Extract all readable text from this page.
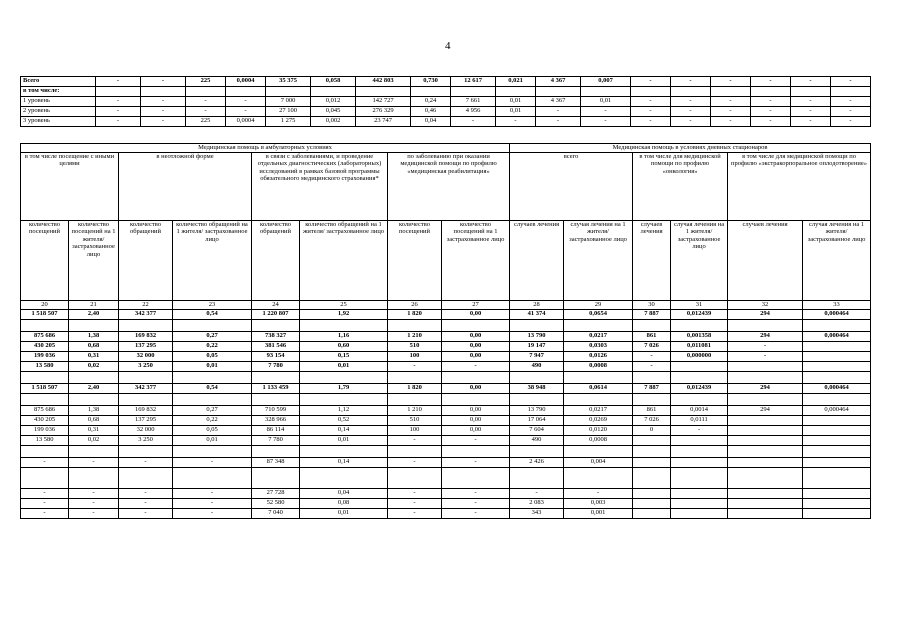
4
Всего	-	-	225	0,0004	35 375	0,058	442 803	0,730	12 617	0,021	4 367	0,007	-	-	-	-	-	-
в том числе:																		
1 уровень	-	-	-	-	7 000	0,012	142 727	0,24	7 661	0,01	4 367	0,01	-	-	-	-	-	-
2 уровень	-	-	-	-	27 100	0,045	276 329	0,46	4 956	0,01	-	-	-	-	-	-	-	-
3 уровень	-	-	225	0,0004	1 275	0,002	23 747	0,04	-	-	-	-	-	-	-	-	-	-
Медицинская помощь в амбулаторных условиях								Медицинская помощь в условиях дневных стационаров					
в том числе посещение с иными целями		в неотложной форме		в связи с заболеваниями, и проведение отдельных диагностических (лабораторных) исследований в рамках базовой программы обязательного медицинского страхования*		по заболеванию при оказании медицинской помощи по профилю «медицинская реабилитация»		всего		в том числе для медицинской помощи по профилю «онкология»		в том числе для медицинской помощи по профилю «экстракорпоральное оплодотворение»	
количество посещений	количество посещений на 1 жителя/ застрахованное лицо	количество обращений	количество обращений на 1 жителя/ застрахованное лицо	количество обращений	количество обращений на 1 жителя/ застрахованное лицо	количество посещений	количество посещений на 1 застрахованное лицо	случаев лечения	случая лечения на 1 жителя/ застрахованное лицо	случаев лечения	случая лечения на 1 жителя/ застрахованное лицо	случаев лечения	случая лечения на 1 жителя/ застрахованное лицо
20	21	22	23	24	25	26	27	28	29	30	31	32	33
1 518 507	2,40	342 377	0,54	1 220 807	1,92	1 820	0,00	41 374	0,0654	7 887	0,012439	294	0,000464

875 686	1,38	169 832	0,27	738 327	1,16	1 210	0,00	13 790	0,0217	861	0,001358	294	0,000464
430 205	0,68	137 295	0,22	381 546	0,60	510	0,00	19 147	0,0303	7 026	0,011081	-	
199 036	0,31	32 000	0,05	93 154	0,15	100	0,00	7 947	0,0126	-	0,000000	-	
13 580	0,02	3 250	0,01	7 780	0,01	-	-	490	0,0008	-			

1 518 507	2,40	342 377	0,54	1 133 459	1,79	1 820	0,00	38 948	0,0614	7 887	0,012439	294	0,000464

875 686	1,38	169 832	0,27	710 599	1,12	1 210	0,00	13 790	0,0217	861	0,0014	294	0,000464
430 205	0,68	137 295	0,22	328 966	0,52	510	0,00	17 064	0,0269	7 026	0,0111		
199 036	0,31	32 000	0,05	86 114	0,14	100	0,00	7 604	0,0120	0	-		
13 580	0,02	3 250	0,01	7 780	0,01	-	-	490	0,0008				

-	-	-	-	87 348	0,14	-	-	2 426	0,004				

-	-	-	-	27 728	0,04	-	-	-	-				
-	-	-	-	52 580	0,08	-	-	2 083	0,003				
-	-	-	-	7 040	0,01	-	-	343	0,001				
